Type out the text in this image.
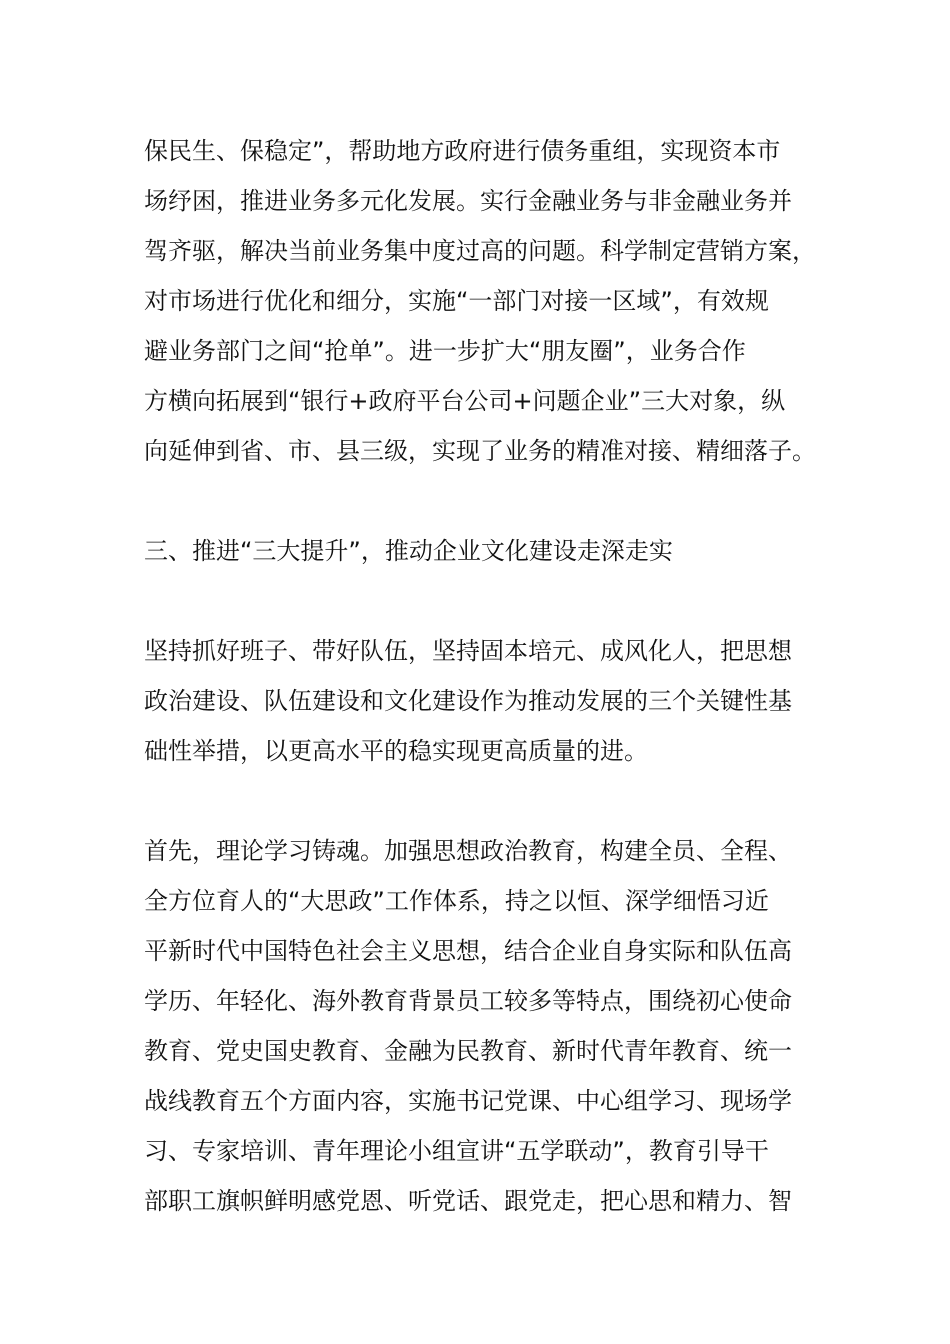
保民生、保稳定”，帮助地方政府进行债务重组，实现资本市
场纾困，推进业务多元化发展。实行金融业务与非金融业务并
驾齐驱，解决当前业务集中度过高的问题。科学制定营销方案，
对市场进行优化和细分，实施“一部门对接一区域”，有效规
避业务部门之间“抢单”。进一步扩大“朋友圈”，业务合作
方横向拓展到“银行+政府平台公司+问题企业”三大对象，纵
向延伸到省、市、县三级，实现了业务的精准对接、精细落子。
三、推进“三大提升”，推动企业文化建设走深走实
坚持抓好班子、带好队伍，坚持固本培元、成风化人，把思想
政治建设、队伍建设和文化建设作为推动发展的三个关键性基
础性举措，以更高水平的稳实现更高质量的进。
首先，理论学习铸魂。加强思想政治教育，构建全员、全程、
全方位育人的“大思政”工作体系，持之以恒、深学细悟习近
平新时代中国特色社会主义思想，结合企业自身实际和队伍高
学历、年轻化、海外教育背景员工较多等特点，围绕初心使命
教育、党史国史教育、金融为民教育、新时代青年教育、统一
战线教育五个方面内容，实施书记党课、中心组学习、现场学
习、专家培训、青年理论小组宣讲“五学联动”，教育引导干
部职工旗帜鲜明感党恩、听党话、跟党走，把心思和精力、智
